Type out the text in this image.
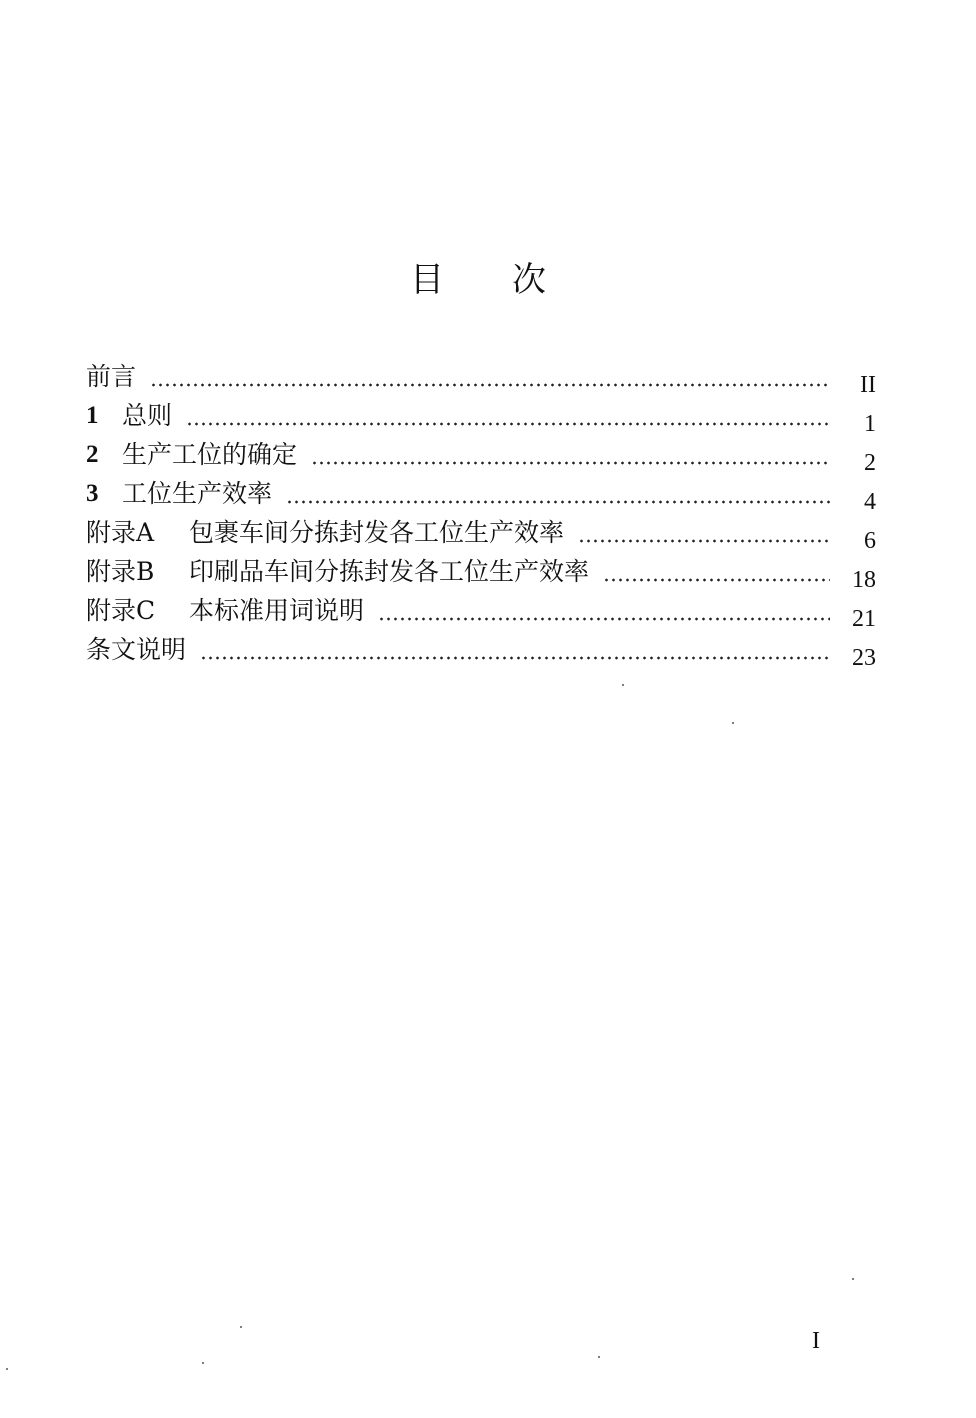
目 次
前言	II
1 总则	1
2 生产工位的确定	2
3 工位生产效率	4
附录A	包裹车间分拣封发各工位生产效率	6
附录B	印刷品车间分拣封发各工位生产效率	18
附录C	本标准用词说明	21
条文说明	23
I
